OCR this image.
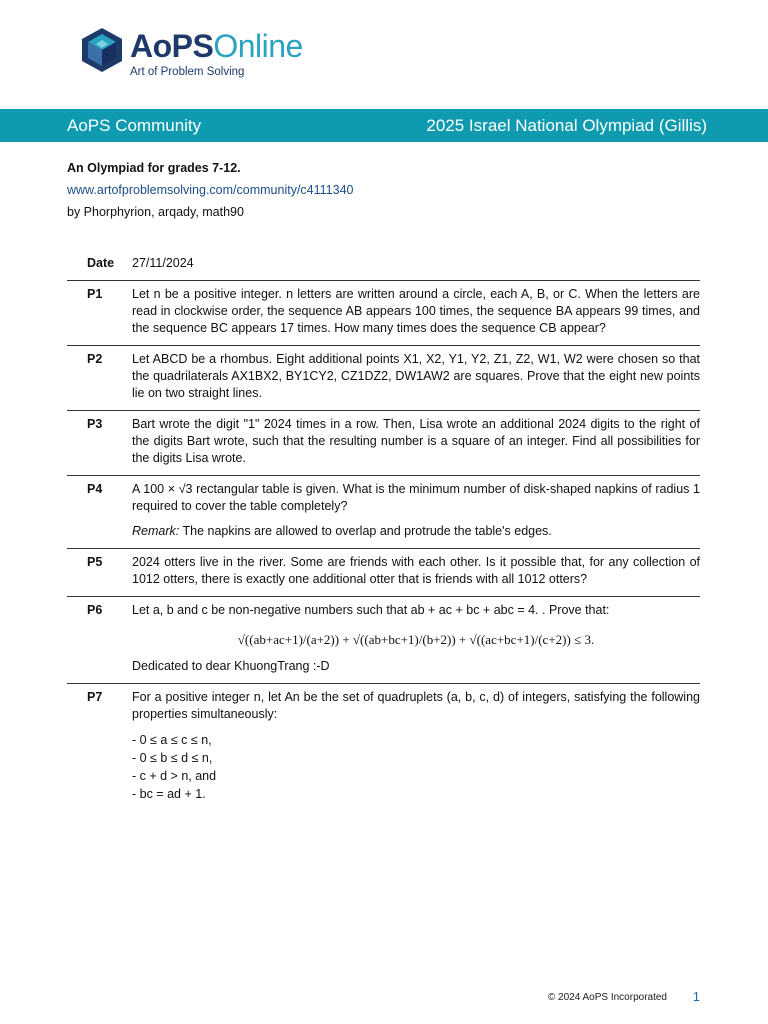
AoPSOnline
Art of Problem Solving
AoPS Community	2025 Israel National Olympiad (Gillis)
An Olympiad for grades 7-12.
www.artofproblemsolving.com/community/c4111340
by Phorphyrion, arqady, math90
Date	27/11/2024
P1	Let n be a positive integer. n letters are written around a circle, each A, B, or C. When the letters are read in clockwise order, the sequence AB appears 100 times, the sequence BA appears 99 times, and the sequence BC appears 17 times. How many times does the sequence CB appear?
P2	Let ABCD be a rhombus. Eight additional points X1, X2, Y1, Y2, Z1, Z2, W1, W2 were chosen so that the quadrilaterals AX1BX2, BY1CY2, CZ1DZ2, DW1AW2 are squares. Prove that the eight new points lie on two straight lines.
P3	Bart wrote the digit "1" 2024 times in a row. Then, Lisa wrote an additional 2024 digits to the right of the digits Bart wrote, such that the resulting number is a square of an integer. Find all possibilities for the digits Lisa wrote.
P4	A 100 × √3 rectangular table is given. What is the minimum number of disk-shaped napkins of radius 1 required to cover the table completely?
Remark: The napkins are allowed to overlap and protrude the table's edges.
P5	2024 otters live in the river. Some are friends with each other. Is it possible that, for any collection of 1012 otters, there is exactly one additional otter that is friends with all 1012 otters?
P6	Let a, b and c be non-negative numbers such that ab + ac + bc + abc = 4. . Prove that:
√((ab+ac+1)/(a+2)) + √((ab+bc+1)/(b+2)) + √((ac+bc+1)/(c+2)) ≤ 3.
Dedicated to dear KhuongTrang :-D
P7	For a positive integer n, let An be the set of quadruplets (a, b, c, d) of integers, satisfying the following properties simultaneously:
- 0 ≤ a ≤ c ≤ n,
- 0 ≤ b ≤ d ≤ n,
- c + d > n, and
- bc = ad + 1.
© 2024 AoPS Incorporated 1
